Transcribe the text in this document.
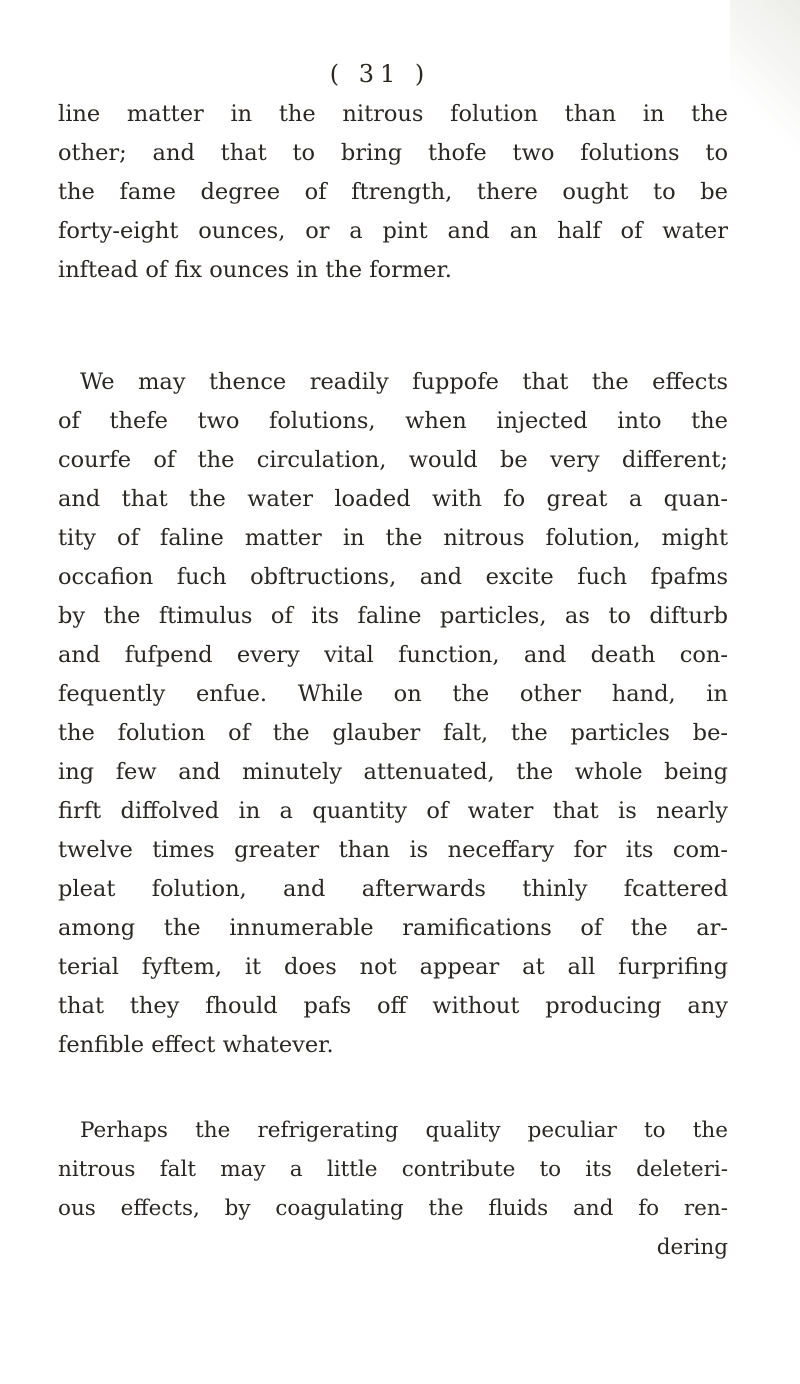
( 31 )
line matter in the nitrous folution than in the
other; and that to bring thofe two folutions to
the fame degree of ftrength, there ought to be
forty-eight ounces, or a pint and an half of water
inftead of fix ounces in the former.
We may thence readily fuppofe that the effects
of thefe two folutions, when injected into the
courfe of the circulation, would be very different;
and that the water loaded with fo great a quan-
tity of faline matter in the nitrous folution, might
occafion fuch obftructions, and excite fuch fpafms
by the ftimulus of its faline particles, as to difturb
and fufpend every vital function, and death con-
fequently enfue. While on the other hand, in
the folution of the glauber falt, the particles be-
ing few and minutely attenuated, the whole being
firft diffolved in a quantity of water that is nearly
twelve times greater than is neceffary for its com-
pleat folution, and afterwards thinly fcattered
among the innumerable ramifications of the ar-
terial fyftem, it does not appear at all furprifing
that they fhould pafs off without producing any
fenfible effect whatever.
Perhaps the refrigerating quality peculiar to the
nitrous falt may a little contribute to its deleteri-
ous effects, by coagulating the fluids and fo ren-
dering
